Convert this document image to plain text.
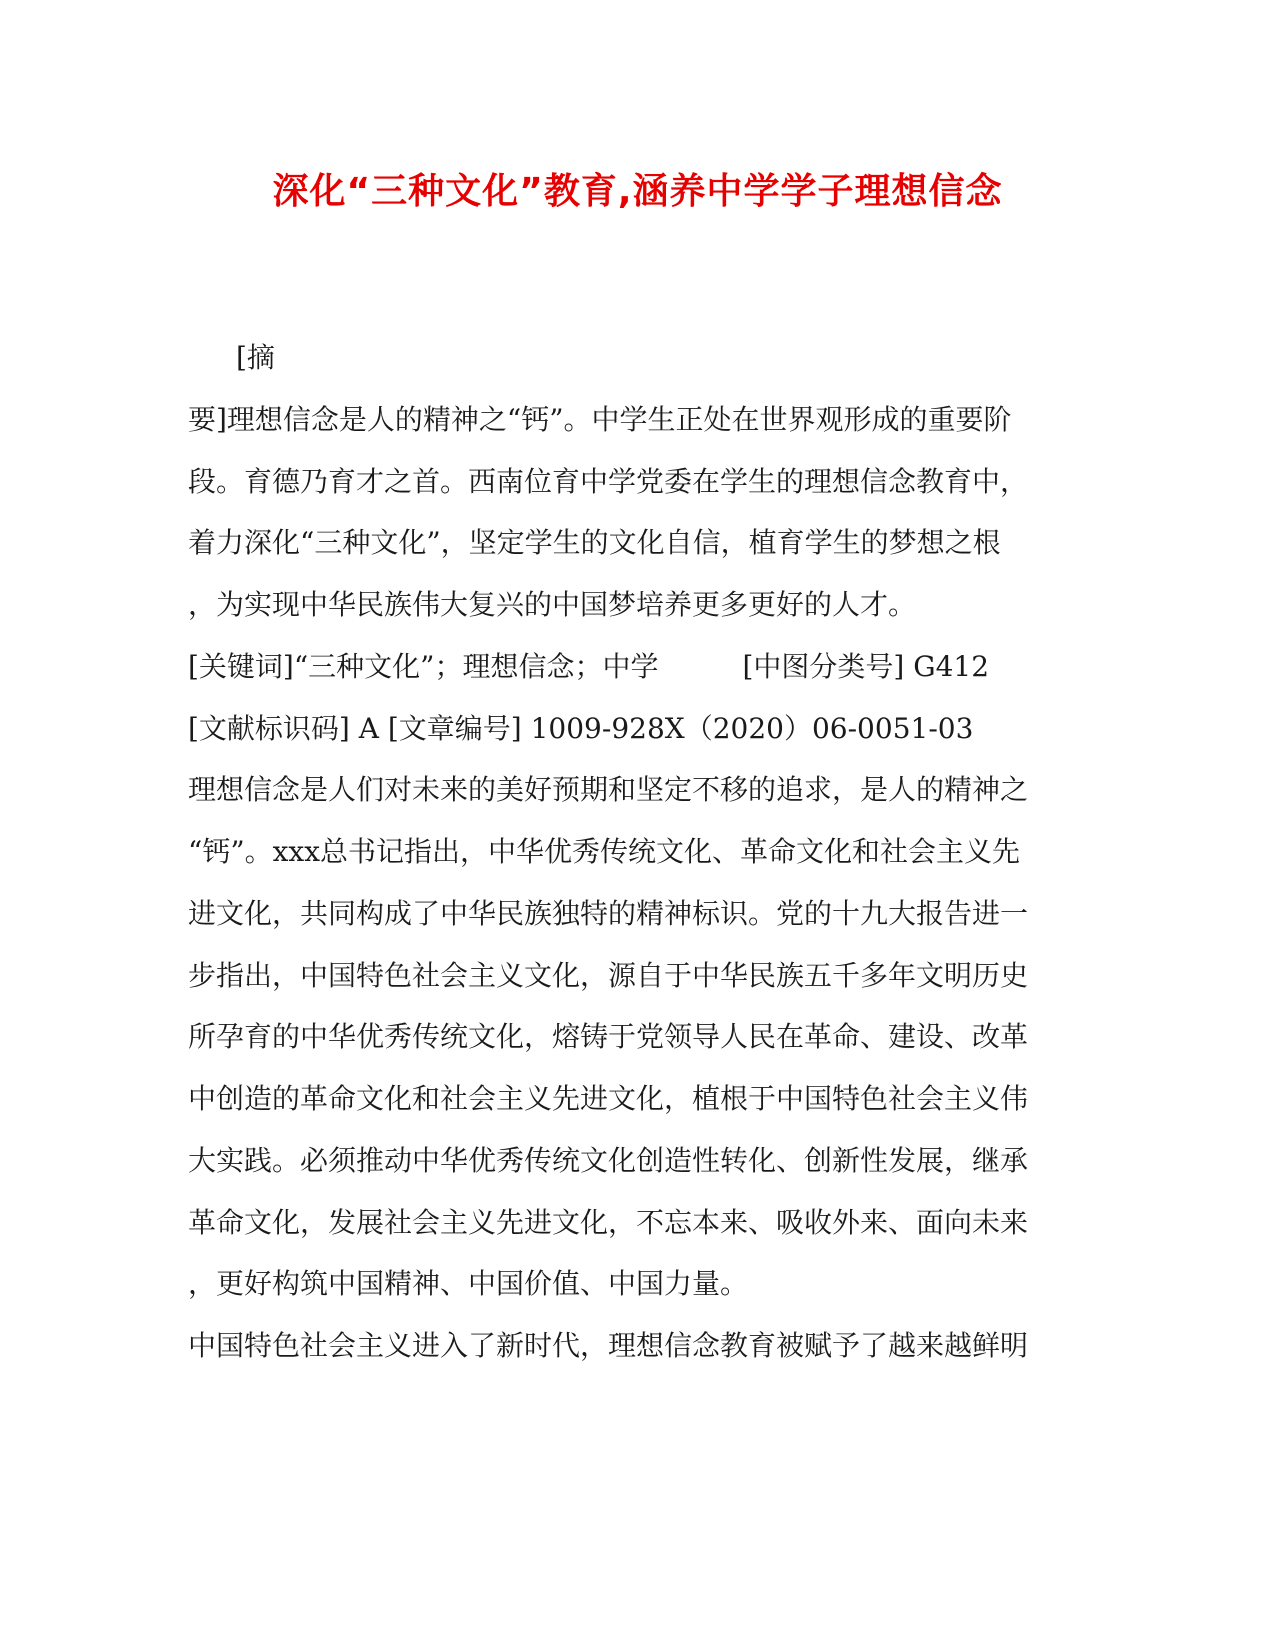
深化“三种文化”教育,涵养中学学子理想信念
[摘
要]理想信念是人的精神之“钙”。中学生正处在世界观形成的重要阶
段。育德乃育才之首。西南位育中学党委在学生的理想信念教育中，
着力深化“三种文化”，坚定学生的文化自信，植育学生的梦想之根
，为实现中华民族伟大复兴的中国梦培养更多更好的人才。
[关键词]“三种文化”；理想信念；中学　　　[中图分类号] G412
[文献标识码] A [文章编号] 1009-928X（2020）06-0051-03
理想信念是人们对未来的美好预期和坚定不移的追求，是人的精神之
“钙”。xxx总书记指出，中华优秀传统文化、革命文化和社会主义先
进文化，共同构成了中华民族独特的精神标识。党的十九大报告进一
步指出，中国特色社会主义文化，源自于中华民族五千多年文明历史
所孕育的中华优秀传统文化，熔铸于党领导人民在革命、建设、改革
中创造的革命文化和社会主义先进文化，植根于中国特色社会主义伟
大实践。必须推动中华优秀传统文化创造性转化、创新性发展，继承
革命文化，发展社会主义先进文化，不忘本来、吸收外来、面向未来
，更好构筑中国精神、中国价值、中国力量。
中国特色社会主义进入了新时代，理想信念教育被赋予了越来越鲜明
